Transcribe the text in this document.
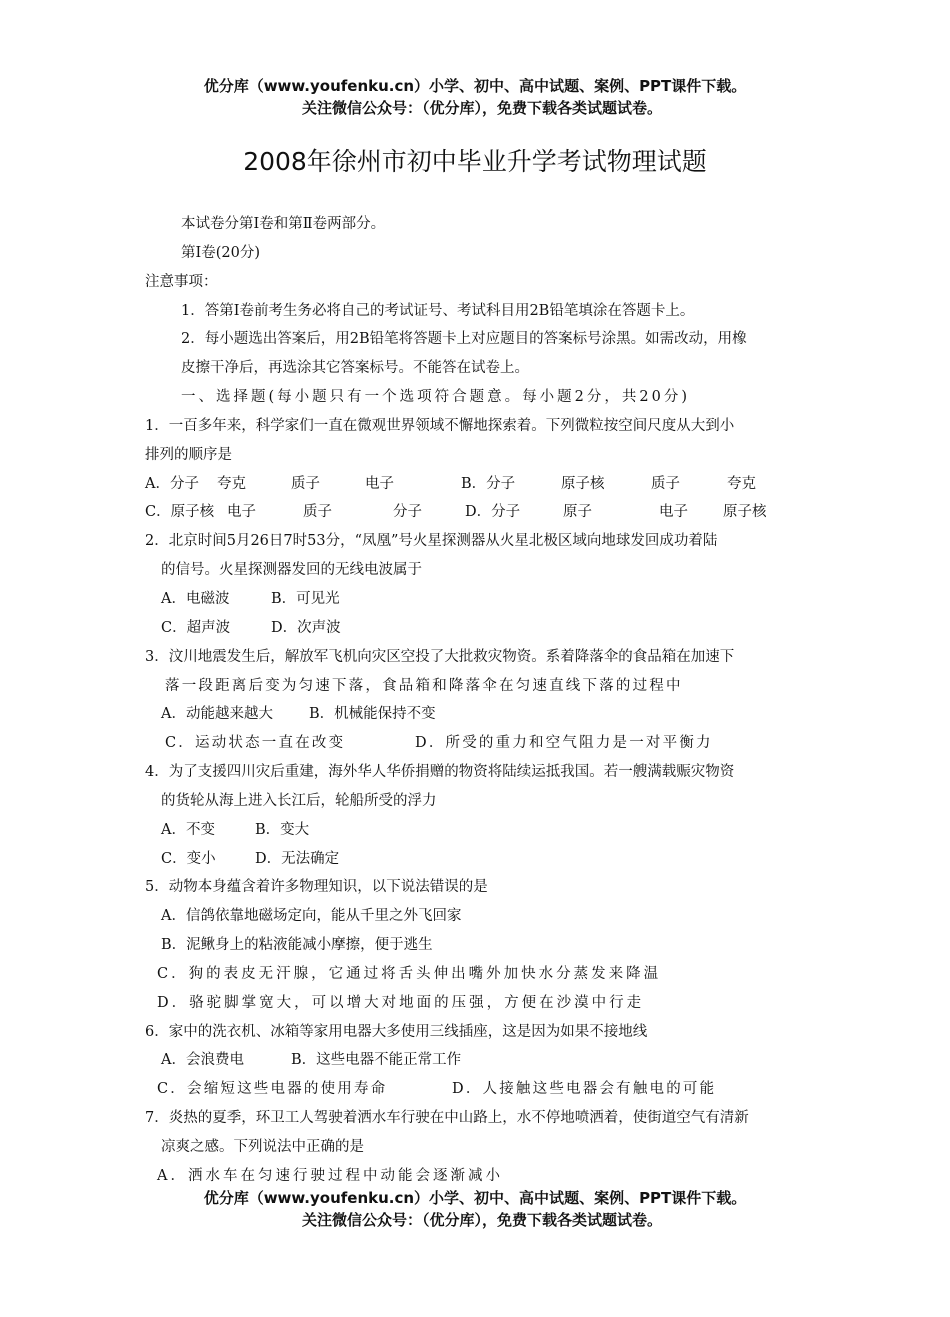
优分库（www.youfenku.cn）小学、初中、高中试题、案例、PPT课件下载。
关注微信公众号：（优分库），免费下载各类试题试卷。
2008年徐州市初中毕业升学考试物理试题
本试卷分第Ⅰ卷和第Ⅱ卷两部分。
第Ⅰ卷(20分)
注意事项：
1．答第Ⅰ卷前考生务必将自己的考试证号、考试科目用2B铅笔填涂在答题卡上。
2．每小题选出答案后，用2B铅笔将答题卡上对应题目的答案标号涂黑。如需改动，用橡
皮擦干净后，再选涂其它答案标号。不能答在试卷上。
一、选择题(每小题只有一个选项符合题意。每小题2分，共20分)
1．一百多年来，科学家们一直在微观世界领域不懈地探索着。下列微粒按空间尺度从大到小
排列的顺序是
A．分子 夸克	质子	电子	B．分子	原子核	质子	夸克
C．原子核 电子	质子	分子	D．分子	原子	电子 原子核
2．北京时间5月26日7时53分，“凤凰”号火星探测器从火星北极区域向地球发回成功着陆
的信号。火星探测器发回的无线电波属于
A．电磁波	B．可见光
C．超声波	D．次声波
3．汶川地震发生后，解放军飞机向灾区空投了大批救灾物资。系着降落伞的食品箱在加速下
落一段距离后变为匀速下落，食品箱和降落伞在匀速直线下落的过程中
A．动能越来越大 B．机械能保持不变
C．运动状态一直在改变	D．所受的重力和空气阻力是一对平衡力
4．为了支援四川灾后重建，海外华人华侨捐赠的物资将陆续运抵我国。若一艘满载赈灾物资
的货轮从海上进入长江后，轮船所受的浮力
A．不变	B．变大
C．变小	D．无法确定
5．动物本身蕴含着许多物理知识，以下说法错误的是
A．信鸽依靠地磁场定向，能从千里之外飞回家
B．泥鳅身上的粘液能减小摩擦，便于逃生
C．狗的表皮无汗腺，它通过将舌头伸出嘴外加快水分蒸发来降温
D．骆驼脚掌宽大，可以增大对地面的压强，方便在沙漠中行走
6．家中的洗衣机、冰箱等家用电器大多使用三线插座，这是因为如果不接地线
A．会浪费电	B．这些电器不能正常工作
C．会缩短这些电器的使用寿命	D．人接触这些电器会有触电的可能
7．炎热的夏季，环卫工人驾驶着洒水车行驶在中山路上，水不停地喷洒着，使街道空气有清新
凉爽之感。下列说法中正确的是
A．洒水车在匀速行驶过程中动能会逐渐减小
优分库（www.youfenku.cn）小学、初中、高中试题、案例、PPT课件下载。
关注微信公众号：（优分库），免费下载各类试题试卷。
